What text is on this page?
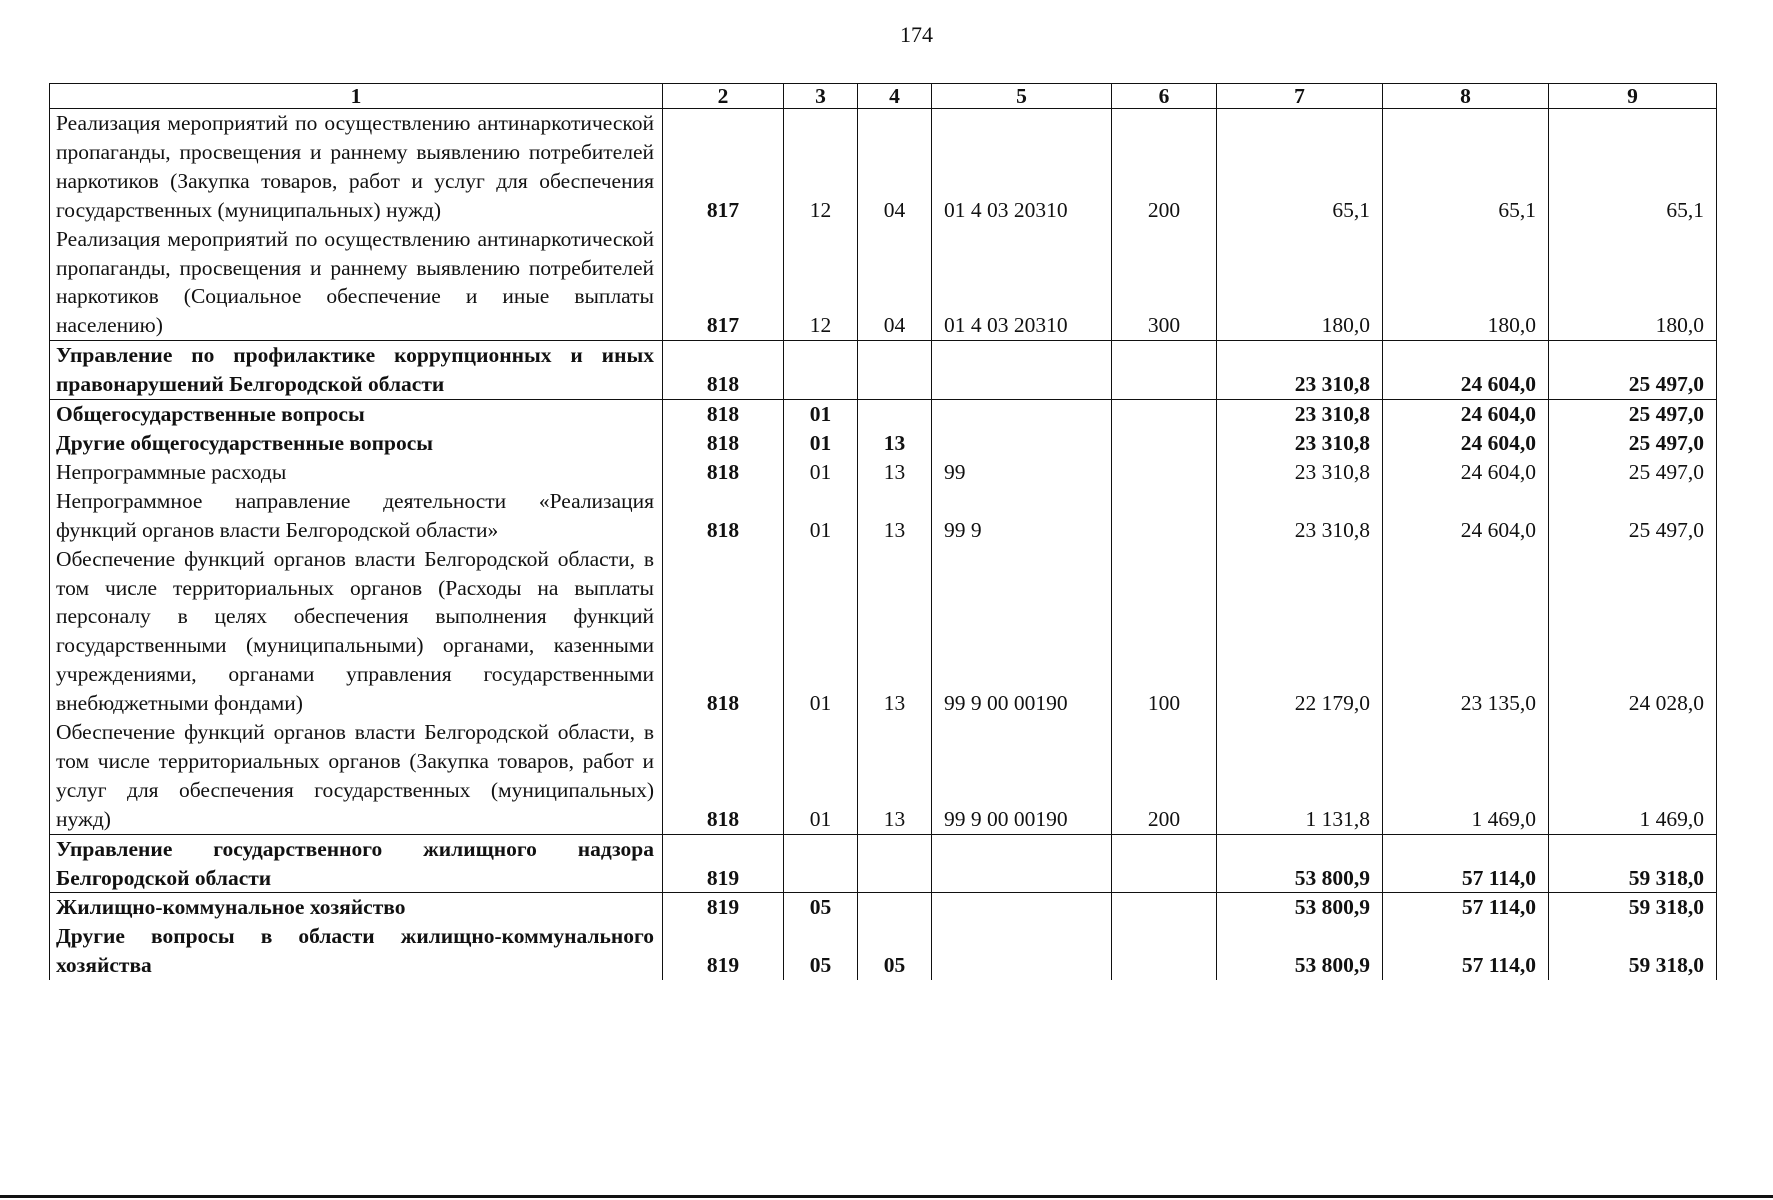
174
1	2	3	4	5	6	7	8	9
Реализация мероприятий по осуществлению антинаркотической пропаганды, просвещения и раннему выявлению потребителей наркотиков (Закупка товаров, работ и услуг для обеспечения государственных (муниципальных) нужд)	817	12	04	01 4 03 20310	200	65,1	65,1	65,1
Реализация мероприятий по осуществлению антинаркотической пропаганды, просвещения и раннему выявлению потребителей наркотиков (Социальное обеспечение и иные выплаты населению)	817	12	04	01 4 03 20310	300	180,0	180,0	180,0
Управление по профилактике коррупционных и иных правонарушений Белгородской области	818					23 310,8	24 604,0	25 497,0
Общегосударственные вопросы	818	01				23 310,8	24 604,0	25 497,0
Другие общегосударственные вопросы	818	01	13			23 310,8	24 604,0	25 497,0
Непрограммные расходы	818	01	13	99		23 310,8	24 604,0	25 497,0
Непрограммное направление деятельности «Реализация функций органов власти Белгородской области»	818	01	13	99 9		23 310,8	24 604,0	25 497,0
Обеспечение функций органов власти Белгородской области, в том числе территориальных органов (Расходы на выплаты персоналу в целях обеспечения выполнения функций государственными (муниципальными) органами, казенными учреждениями, органами управления государственными внебюджетными фондами)	818	01	13	99 9 00 00190	100	22 179,0	23 135,0	24 028,0
Обеспечение функций органов власти Белгородской области, в том числе территориальных органов (Закупка товаров, работ и услуг для обеспечения государственных (муниципальных) нужд)	818	01	13	99 9 00 00190	200	1 131,8	1 469,0	1 469,0
Управление государственного жилищного надзора Белгородской области	819					53 800,9	57 114,0	59 318,0
Жилищно-коммунальное хозяйство	819	05				53 800,9	57 114,0	59 318,0
Другие вопросы в области жилищно-коммунального хозяйства	819	05	05			53 800,9	57 114,0	59 318,0
